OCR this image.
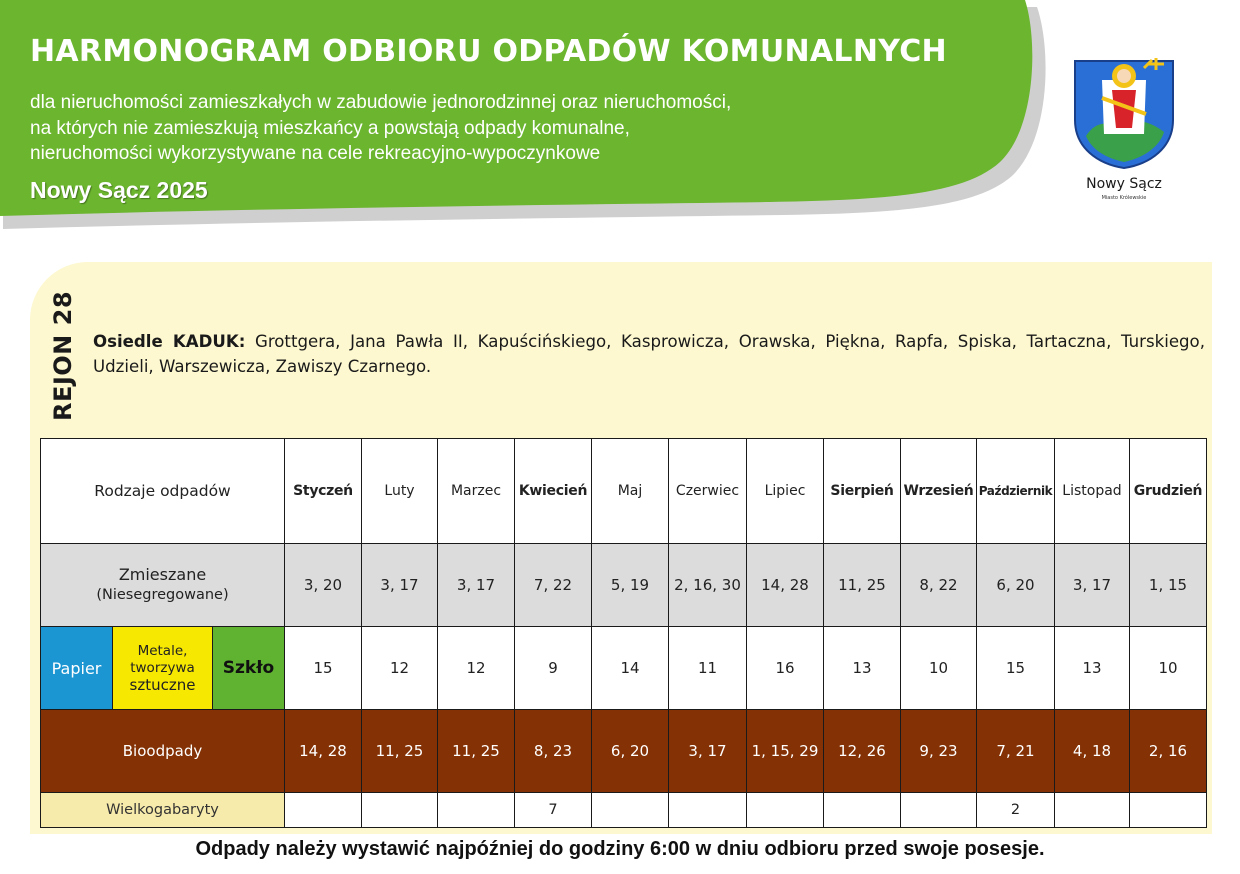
HARMONOGRAM ODBIORU ODPADÓW KOMUNALNYCH
dla nieruchomości zamieszkałych w zabudowie jednorodzinnej oraz nieruchomości,
na których nie zamieszkują mieszkańcy a powstają odpady komunalne,
nieruchomości wykorzystywane na cele rekreacyjno-wypoczynkowe
Nowy Sącz 2025	Nowy Sącz
Miasto Królewskie
REJON 28 Osiedle KADUK: Grottgera, Jana Pawła II, Kapuścińskiego, Kasprowicza, Orawska, Piękna, Rapfa, Spiska, Tartaczna, Turskiego, Udzieli, Warszewicza, Zawiszy Czarnego.
Rodzaje odpadów			Styczeń	Luty	Marzec	Kwiecień	Maj	Czerwiec	Lipiec	Sierpień	Wrzesień	Październik	Listopad	Grudzień

Zmieszane
(Niesegregowane)			3, 20	3, 17	3, 17	7, 22	5, 19	2, 16, 30	14, 28	11, 25	8, 22	6, 20	3, 17	1, 15
Papier	Metale,
tworzywa
sztuczne	Szkło	15	12	12	9	14	11	16	13	10	15	13	10
Bioodpady			14, 28	11, 25	11, 25	8, 23	6, 20	3, 17	1, 15, 29	12, 26	9, 23	7, 21	4, 18	2, 16
Wielkogabaryty						7						2		
Odpady należy wystawić najpóźniej do godziny 6:00 w dniu odbioru przed swoje posesje.
